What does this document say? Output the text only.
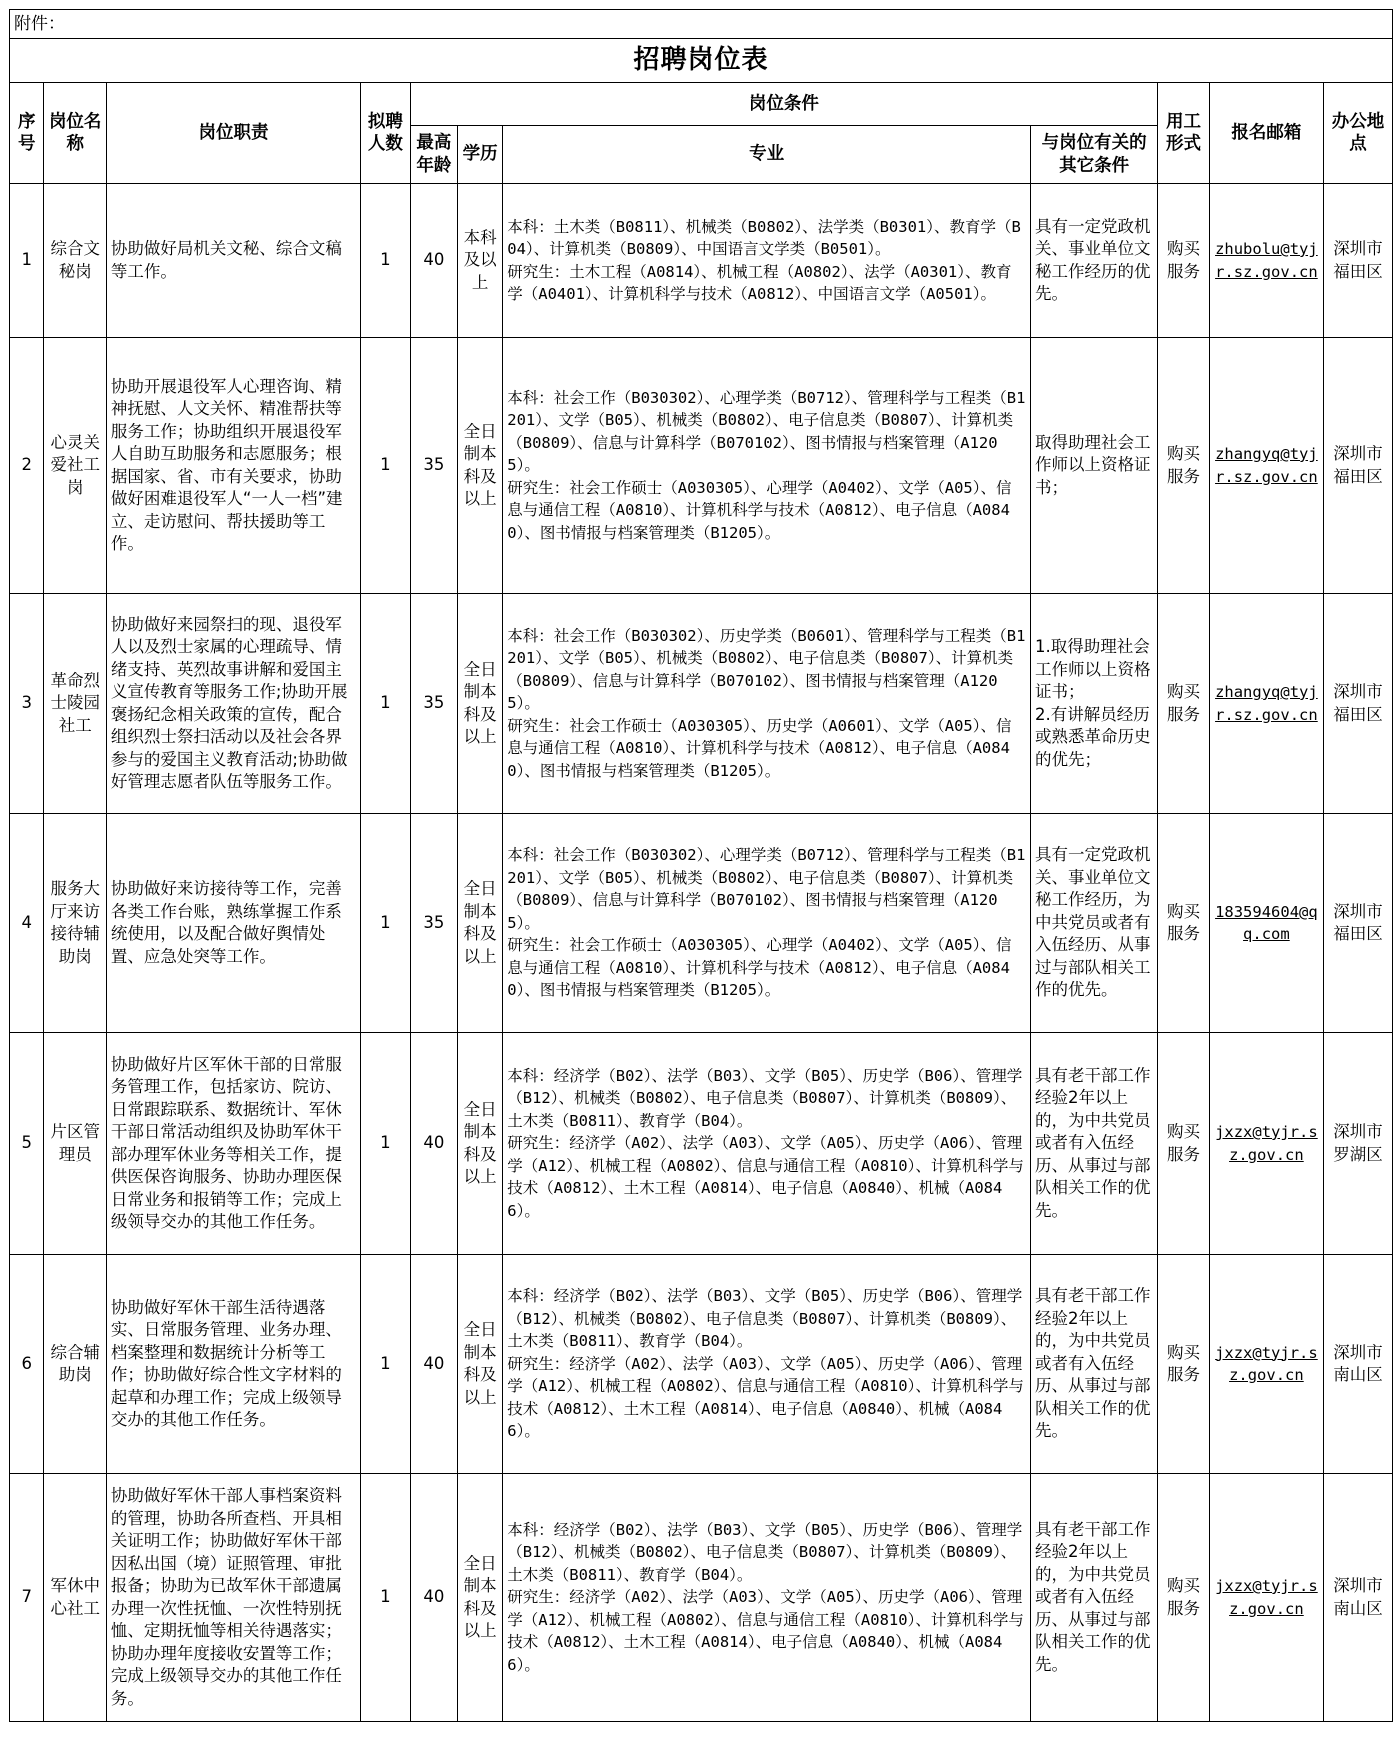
附件：										
招聘岗位表										
序号	岗位名称	岗位职责	拟聘人数	岗位条件				用工形式	报名邮箱	办公地点
				最高年龄	学历	专业	与岗位有关的其它条件			
1	综合文秘岗	协助做好局机关文秘、综合文稿等工作。	1	40	本科及以上	本科：土木类（B0811）、机械类（B0802）、法学类（B0301）、教育学（B04）、计算机类（B0809）、中国语言文学类（B0501）。
研究生：土木工程（A0814）、机械工程（A0802）、法学（A0301）、教育学（A0401）、计算机科学与技术（A0812）、中国语言文学（A0501）。	具有一定党政机关、事业单位文秘工作经历的优先。	购买服务	zhubolu@tyjr.sz.gov.cn	深圳市福田区
2	心灵关爱社工岗	协助开展退役军人心理咨询、精神抚慰、人文关怀、精准帮扶等服务工作；协助组织开展退役军人自助互助服务和志愿服务；根据国家、省、市有关要求，协助做好困难退役军人“一人一档”建立、走访慰问、帮扶援助等工作。	1	35	全日制本科及以上	本科：社会工作（B030302）、心理学类（B0712）、管理科学与工程类（B1201）、文学（B05）、机械类（B0802）、电子信息类（B0807）、计算机类（B0809）、信息与计算科学（B070102）、图书情报与档案管理（A1205）。
研究生：社会工作硕士（A030305）、心理学（A0402）、文学（A05）、信息与通信工程（A0810）、计算机科学与技术（A0812）、电子信息（A0840）、图书情报与档案管理类（B1205）。	取得助理社会工作师以上资格证书；	购买服务	zhangyq@tyjr.sz.gov.cn	深圳市福田区
3	革命烈士陵园社工	协助做好来园祭扫的现、退役军人以及烈士家属的心理疏导、情绪支持、英烈故事讲解和爱国主义宣传教育等服务工作;协助开展褒扬纪念相关政策的宣传，配合组织烈士祭扫活动以及社会各界参与的爱国主义教育活动;协助做好管理志愿者队伍等服务工作。	1	35	全日制本科及以上	本科：社会工作（B030302）、历史学类（B0601）、管理科学与工程类（B1201）、文学（B05）、机械类（B0802）、电子信息类（B0807）、计算机类（B0809）、信息与计算科学（B070102）、图书情报与档案管理（A1205）。
研究生：社会工作硕士（A030305）、历史学（A0601）、文学（A05）、信息与通信工程（A0810）、计算机科学与技术（A0812）、电子信息（A0840）、图书情报与档案管理类（B1205）。	1.取得助理社会工作师以上资格证书；
2.有讲解员经历或熟悉革命历史的优先；	购买服务	zhangyq@tyjr.sz.gov.cn	深圳市福田区
4	服务大厅来访接待辅助岗	协助做好来访接待等工作，完善各类工作台账，熟练掌握工作系统使用，以及配合做好舆情处置、应急处突等工作。	1	35	全日制本科及以上	本科：社会工作（B030302）、心理学类（B0712）、管理科学与工程类（B1201）、文学（B05）、机械类（B0802）、电子信息类（B0807）、计算机类（B0809）、信息与计算科学（B070102）、图书情报与档案管理（A1205）。
研究生：社会工作硕士（A030305）、心理学（A0402）、文学（A05）、信息与通信工程（A0810）、计算机科学与技术（A0812）、电子信息（A0840）、图书情报与档案管理类（B1205）。	具有一定党政机关、事业单位文秘工作经历，为中共党员或者有入伍经历、从事过与部队相关工作的优先。	购买服务	183594604@qq.com	深圳市福田区
5	片区管理员	协助做好片区军休干部的日常服务管理工作，包括家访、院访、日常跟踪联系、数据统计、军休干部日常活动组织及协助军休干部办理军休业务等相关工作，提供医保咨询服务、协助办理医保日常业务和报销等工作；完成上级领导交办的其他工作任务。	1	40	全日制本科及以上	本科：经济学（B02）、法学（B03）、文学（B05）、历史学（B06）、管理学（B12）、机械类（B0802）、电子信息类（B0807）、计算机类（B0809）、土木类（B0811）、教育学（B04）。
研究生：经济学（A02）、法学（A03）、文学（A05）、历史学（A06）、管理学（A12）、机械工程（A0802）、信息与通信工程（A0810）、计算机科学与技术（A0812）、土木工程（A0814）、电子信息（A0840）、机械（A0846）。	具有老干部工作经验2年以上的，为中共党员或者有入伍经历、从事过与部队相关工作的优先。	购买服务	jxzx@tyjr.sz.gov.cn	深圳市罗湖区
6	综合辅助岗	协助做好军休干部生活待遇落实、日常服务管理、业务办理、档案整理和数据统计分析等工作；协助做好综合性文字材料的起草和办理工作；完成上级领导交办的其他工作任务。	1	40	全日制本科及以上	本科：经济学（B02）、法学（B03）、文学（B05）、历史学（B06）、管理学（B12）、机械类（B0802）、电子信息类（B0807）、计算机类（B0809）、土木类（B0811）、教育学（B04）。
研究生：经济学（A02）、法学（A03）、文学（A05）、历史学（A06）、管理学（A12）、机械工程（A0802）、信息与通信工程（A0810）、计算机科学与技术（A0812）、土木工程（A0814）、电子信息（A0840）、机械（A0846）。	具有老干部工作经验2年以上的，为中共党员或者有入伍经历、从事过与部队相关工作的优先。	购买服务	jxzx@tyjr.sz.gov.cn	深圳市南山区
7	军休中心社工	协助做好军休干部人事档案资料的管理，协助各所查档、开具相关证明工作；协助做好军休干部因私出国（境）证照管理、审批报备；协助为已故军休干部遗属办理一次性抚恤、一次性特别抚恤、定期抚恤等相关待遇落实；协助办理年度接收安置等工作；完成上级领导交办的其他工作任务。	1	40	全日制本科及以上	本科：经济学（B02）、法学（B03）、文学（B05）、历史学（B06）、管理学（B12）、机械类（B0802）、电子信息类（B0807）、计算机类（B0809）、土木类（B0811）、教育学（B04）。
研究生：经济学（A02）、法学（A03）、文学（A05）、历史学（A06）、管理学（A12）、机械工程（A0802）、信息与通信工程（A0810）、计算机科学与技术（A0812）、土木工程（A0814）、电子信息（A0840）、机械（A0846）。	具有老干部工作经验2年以上的，为中共党员或者有入伍经历、从事过与部队相关工作的优先。	购买服务	jxzx@tyjr.sz.gov.cn	深圳市南山区
